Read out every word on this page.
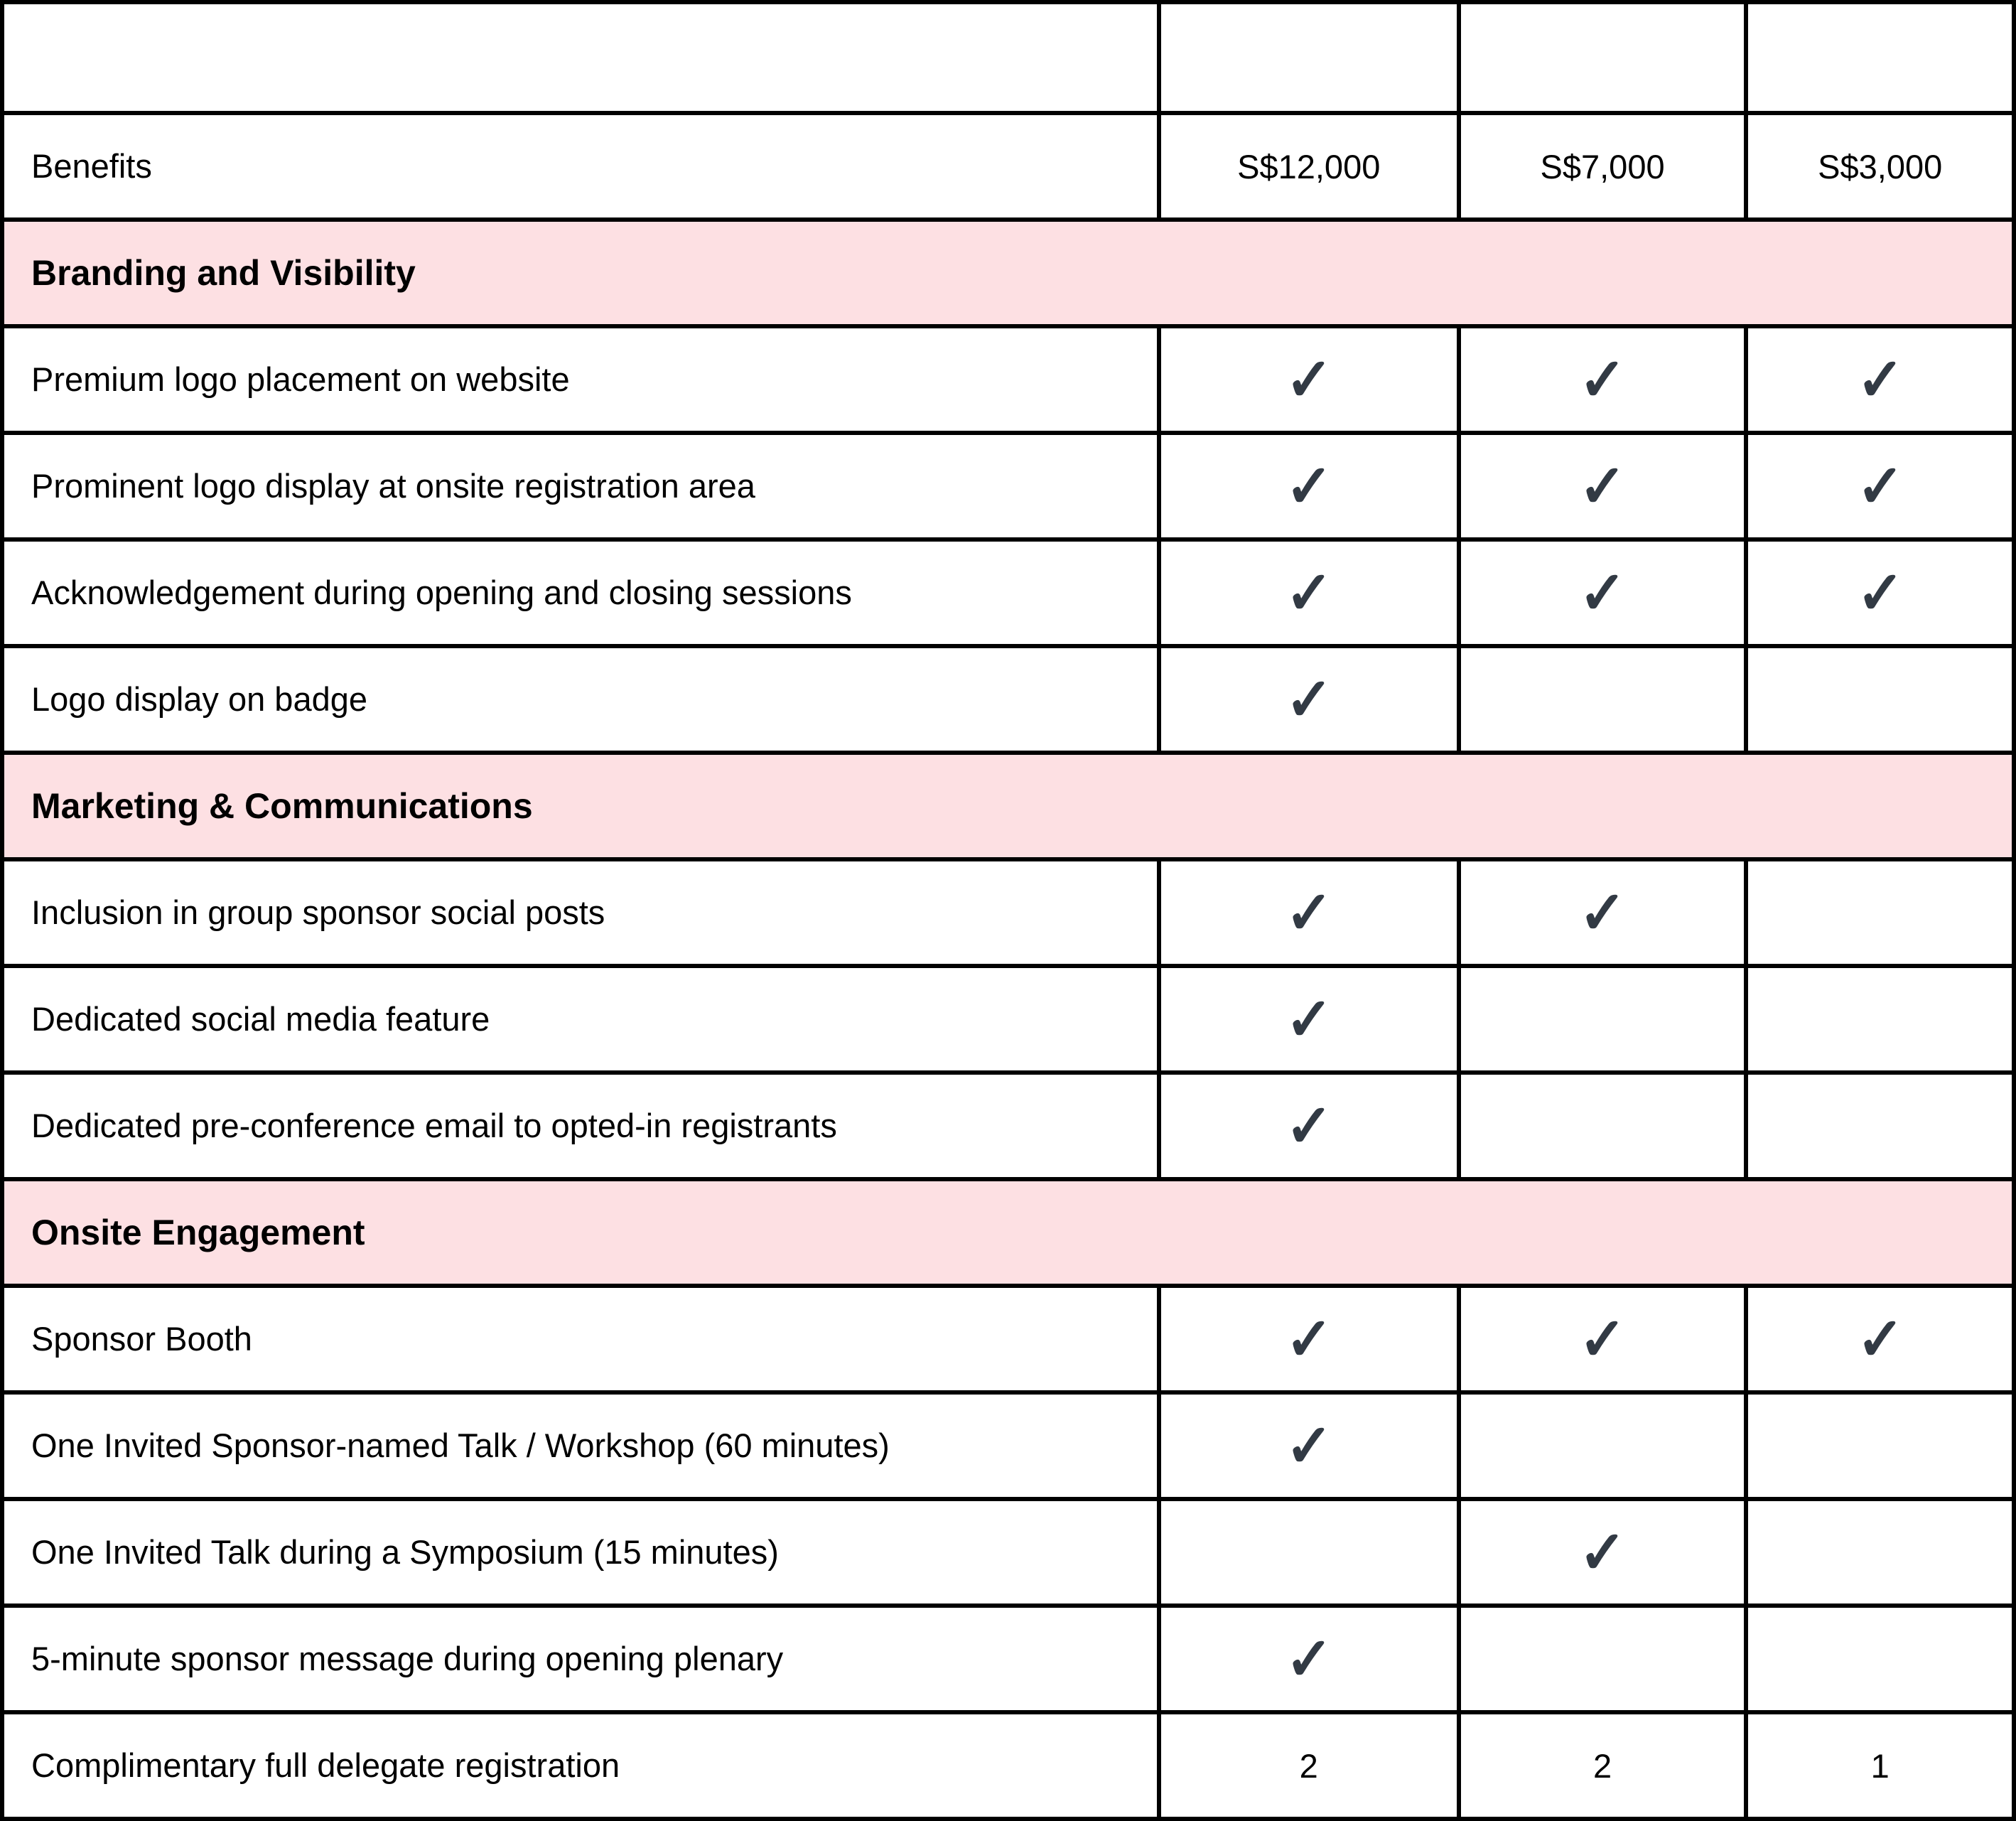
	Platinum	Gold	Silver
Benefits	S$12,000	S$7,000	S$3,000
Branding and Visibility			
Premium logo placement on website	✓	✓	✓
Prominent logo display at onsite registration area	✓	✓	✓
Acknowledgement during opening and closing sessions	✓	✓	✓
Logo display on badge	✓		
Marketing & Communications			
Inclusion in group sponsor social posts	✓	✓	
Dedicated social media feature	✓		
Dedicated pre-conference email to opted-in registrants	✓		
Onsite Engagement			
Sponsor Booth	✓	✓	✓
One Invited Sponsor-named Talk / Workshop (60 minutes)	✓		
One Invited Talk during a Symposium (15 minutes)		✓	
5-minute sponsor message during opening plenary	✓		
Complimentary full delegate registration	2	2	1
